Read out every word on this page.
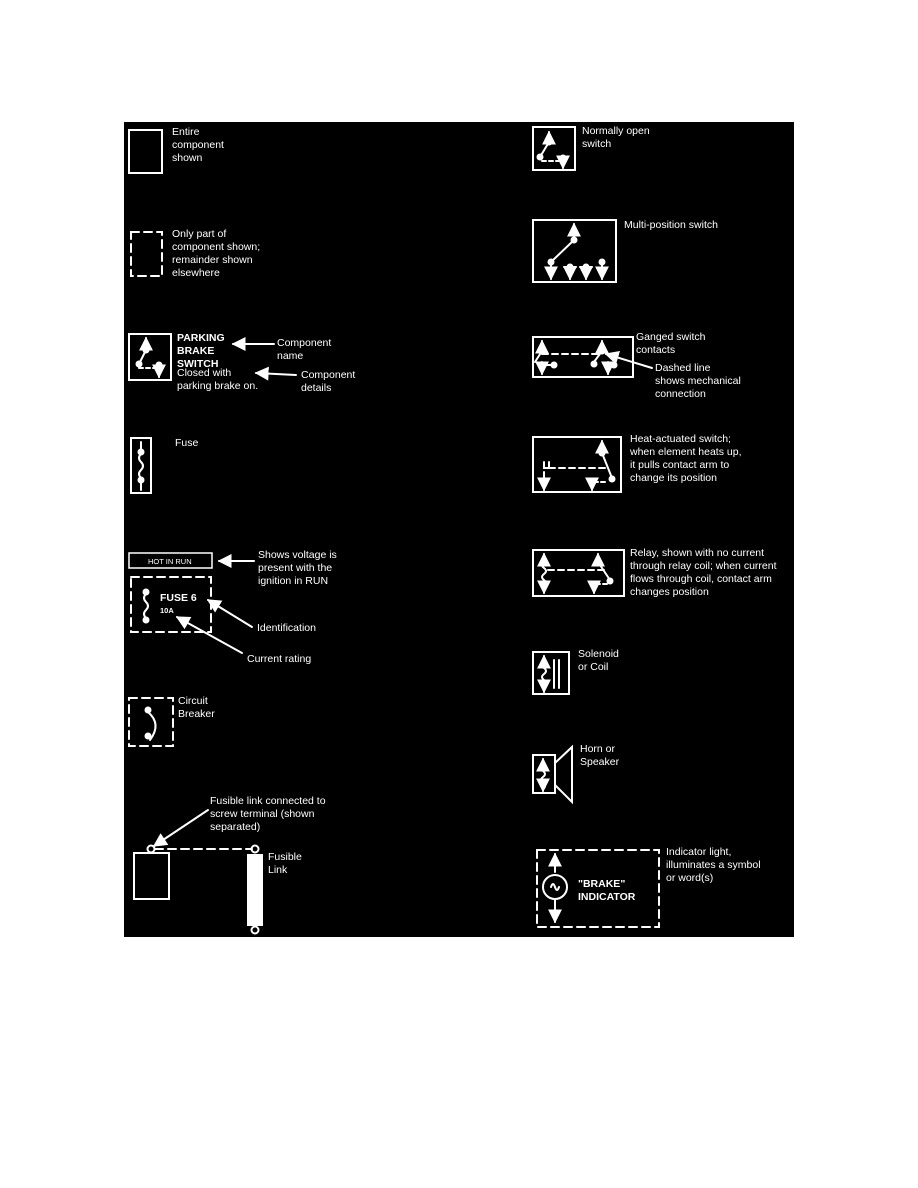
Entire
component
shown
Only part of
component shown;
remainder shown
elsewhere
PARKING
BRAKE
SWITCH
Closed with
parking brake on.
Component
name
Component
details
Fuse
HOT IN RUN
Shows voltage is
present with the
ignition in RUN
FUSE 6
10A
Identification
Current rating
Circuit
Breaker
Fusible link connected to
screw terminal (shown
separated)
Fusible
Link
Normally open
switch
Multi-position switch
Ganged switch
contacts
Dashed line
shows mechanical
connection
Heat-actuated switch;
when element heats up,
it pulls contact arm to
change its position
Relay, shown with no current
through relay coil; when current
flows through coil, contact arm
changes position
Solenoid
or Coil
Horn or
Speaker
Indicator light,
illuminates a symbol
or word(s)
"BRAKE"
INDICATOR
